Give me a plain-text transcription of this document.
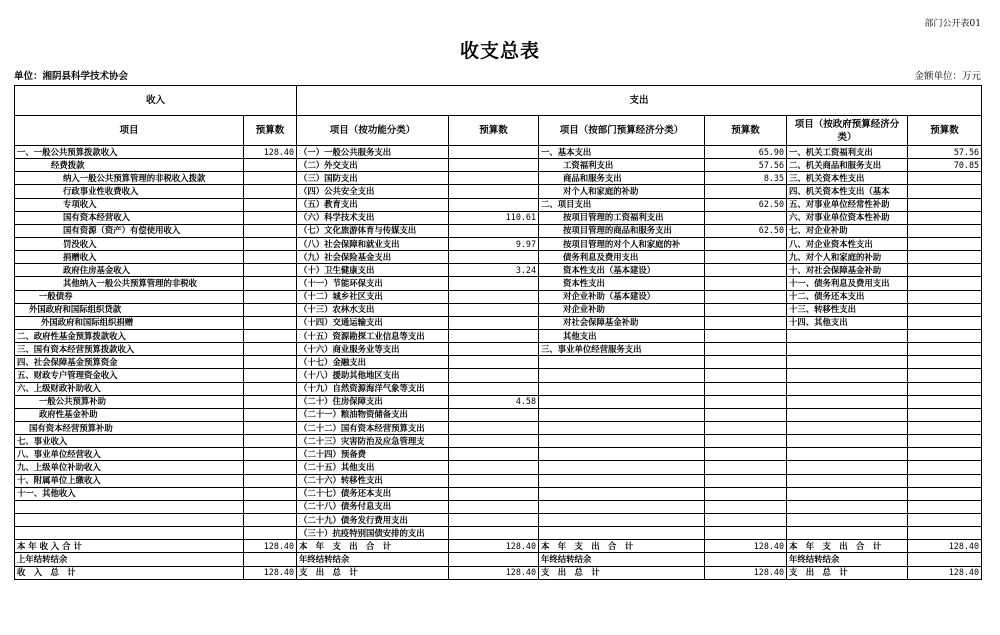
部门公开表01
收支总表
单位：湘阴县科学技术协会	金额单位：万元
收入		支出					
项目	预算数	项目（按功能分类）	预算数	项目（按部门预算经济分类）	预算数	项目（按政府预算经济分类）	预算数
一、一般公共预算拨款收入	128.40	（一）一般公共服务支出		一、基本支出	65.90	一、机关工资福利支出	57.56
经费拨款		（二）外交支出		工资福利支出	57.56	二、机关商品和服务支出	70.85
纳入一般公共预算管理的非税收入拨款		（三）国防支出		商品和服务支出	8.35	三、机关资本性支出	
行政事业性收费收入		（四）公共安全支出		对个人和家庭的补助		四、机关资本性支出（基本	
专项收入		（五）教育支出		二、项目支出	62.50	五、对事业单位经常性补助	
国有资本经营收入		（六）科学技术支出	110.61	按项目管理的工资福利支出		六、对事业单位资本性补助	
国有资源（资产）有偿使用收入		（七）文化旅游体育与传媒支出		按项目管理的商品和服务支出	62.50	七、对企业补助	
罚没收入		（八）社会保障和就业支出	9.97	按项目管理的对个人和家庭的补		八、对企业资本性支出	
捐赠收入		（九）社会保险基金支出		债务利息及费用支出		九、对个人和家庭的补助	
政府住房基金收入		（十）卫生健康支出	3.24	资本性支出（基本建设）		十、对社会保障基金补助	
其他纳入一般公共预算管理的非税收		（十一）节能环保支出		资本性支出		十一、债务利息及费用支出	
一般债券		（十二）城乡社区支出		对企业补助（基本建设）		十二、债务还本支出	
外国政府和国际组织贷款		（十三）农林水支出		对企业补助		十三、转移性支出	
外国政府和国际组织捐赠		（十四）交通运输支出		对社会保障基金补助		十四、其他支出	
二、政府性基金预算拨款收入		（十五）资源勘探工业信息等支出		其他支出			
三、国有资本经营预算拨款收入		（十六）商业服务业等支出		三、事业单位经营服务支出			
四、社会保障基金预算资金		（十七）金融支出					
五、财政专户管理资金收入		（十八）援助其他地区支出					
六、上级财政补助收入		（十九）自然资源海洋气象等支出					
一般公共预算补助		（二十）住房保障支出	4.58				
政府性基金补助		（二十一）粮油物资储备支出					
国有资本经营预算补助		（二十二）国有资本经营预算支出					
七、事业收入		（二十三）灾害防治及应急管理支					
八、事业单位经营收入		（二十四）预备费					
九、上级单位补助收入		（二十五）其他支出					
十、附属单位上缴收入		（二十六）转移性支出					
十一、其他收入		（二十七）债务还本支出					
		（二十八）债务付息支出					
		（二十九）债务发行费用支出					
		（三十）抗疫特别国债安排的支出					
本 年 收 入 合 计	128.40	本　年　支　出　合　计	128.40	本　年　支　出　合　计	128.40	本　年　支　出　合　计	128.40
上年结转结余		年终结转结余		年终结转结余		年终结转结余	
收　入　总　计	128.40	支　出　总　计	128.40	支　出　总　计	128.40	支　出　总　计	128.40
